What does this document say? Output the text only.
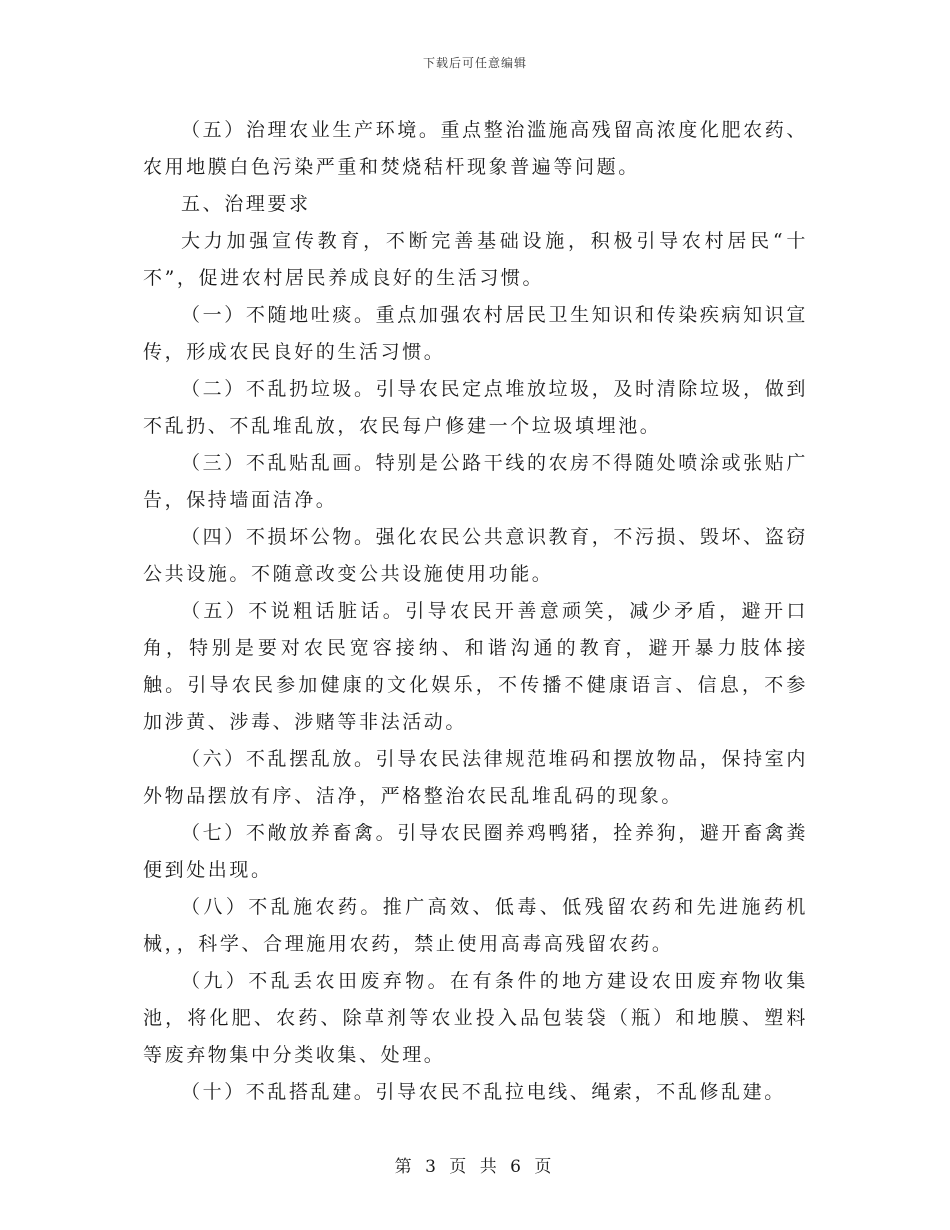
下载后可任意编辑

（五）治理农业生产环境。重点整治滥施高残留高浓度化肥农药、农用地膜白色污染严重和焚烧秸杆现象普遍等问题。

五、治理要求

大力加强宣传教育，不断完善基础设施，积极引导农村居民“十不”，促进农村居民养成良好的生活习惯。

（一）不随地吐痰。重点加强农村居民卫生知识和传染疾病知识宣传，形成农民良好的生活习惯。

（二）不乱扔垃圾。引导农民定点堆放垃圾，及时清除垃圾，做到不乱扔、不乱堆乱放，农民每户修建一个垃圾填埋池。

（三）不乱贴乱画。特别是公路干线的农房不得随处喷涂或张贴广告，保持墙面洁净。

（四）不损坏公物。强化农民公共意识教育，不污损、毁坏、盗窃公共设施。不随意改变公共设施使用功能。

（五）不说粗话脏话。引导农民开善意顽笑，减少矛盾，避开口角，特别是要对农民宽容接纳、和谐沟通的教育，避开暴力肢体接触。引导农民参加健康的文化娱乐，不传播不健康语言、信息，不参加涉黄、涉毒、涉赌等非法活动。

（六）不乱摆乱放。引导农民法律规范堆码和摆放物品，保持室内外物品摆放有序、洁净，严格整治农民乱堆乱码的现象。

（七）不敞放养畜禽。引导农民圈养鸡鸭猪，拴养狗，避开畜禽粪便到处出现。

（八）不乱施农药。推广高效、低毒、低残留农药和先进施药机械，，科学、合理施用农药，禁止使用高毒高残留农药。

（九）不乱丢农田废弃物。在有条件的地方建设农田废弃物收集池，将化肥、农药、除草剂等农业投入品包装袋（瓶）和地膜、塑料等废弃物集中分类收集、处理。

（十）不乱搭乱建。引导农民不乱拉电线、绳索，不乱修乱建。

第 3 页 共 6 页
